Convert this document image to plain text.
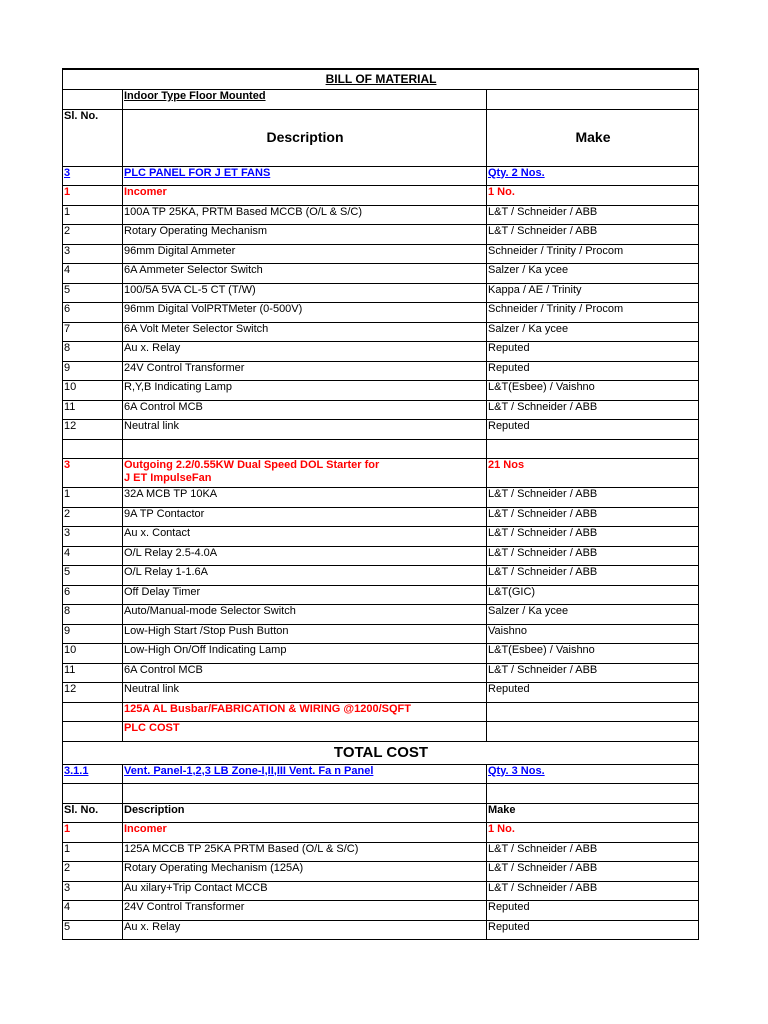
BILL OF MATERIAL		
	Indoor Type Floor Mounted	
Sl. No.	Description	Make
3	PLC PANEL FOR J ET FANS	Qty. 2 Nos.
1	Incomer	1 No.
1	100A TP 25KA, PRTM Based MCCB (O/L & S/C)	L&T / Schneider / ABB
2	Rotary Operating Mechanism	L&T / Schneider / ABB
3	96mm Digital Ammeter	Schneider / Trinity / Procom
4	6A Ammeter Selector Switch	Salzer / Ka ycee
5	100/5A 5VA CL-5 CT (T/W)	Kappa / AE / Trinity
6	96mm Digital VolPRTMeter (0-500V)	Schneider / Trinity / Procom
7	6A Volt Meter Selector Switch	Salzer / Ka ycee
8	Au x. Relay	Reputed
9	24V Control Transformer	Reputed
10	R,Y,B Indicating Lamp	L&T(Esbee) / Vaishno
11	6A Control MCB	L&T / Schneider / ABB
12	Neutral link	Reputed

3	Outgoing 2.2/0.55KW Dual Speed DOL Starter for
J ET ImpulseFan	21 Nos
1	32A MCB TP 10KA	L&T / Schneider / ABB
2	9A TP Contactor	L&T / Schneider / ABB
3	Au x. Contact	L&T / Schneider / ABB
4	O/L Relay 2.5-4.0A	L&T / Schneider / ABB
5	O/L Relay 1-1.6A	L&T / Schneider / ABB
6	Off Delay Timer	L&T(GIC)
8	Auto/Manual-mode Selector Switch	Salzer / Ka ycee
9	Low-High Start /Stop Push Button	Vaishno
10	Low-High On/Off Indicating Lamp	L&T(Esbee) / Vaishno
11	6A Control MCB	L&T / Schneider / ABB
12	Neutral link	Reputed
	125A AL Busbar/FABRICATION & WIRING @1200/SQFT	
	PLC COST	
TOTAL COST		
3.1.1	Vent. Panel-1,2,3 LB Zone-I,II,III Vent. Fa n Panel	Qty. 3 Nos.

Sl. No.	Description	Make
1	Incomer	1 No.
1	125A MCCB TP 25KA PRTM Based (O/L & S/C)	L&T / Schneider / ABB
2	Rotary Operating Mechanism (125A)	L&T / Schneider / ABB
3	Au xilary+Trip Contact MCCB	L&T / Schneider / ABB
4	24V Control Transformer	Reputed
5	Au x. Relay	Reputed
